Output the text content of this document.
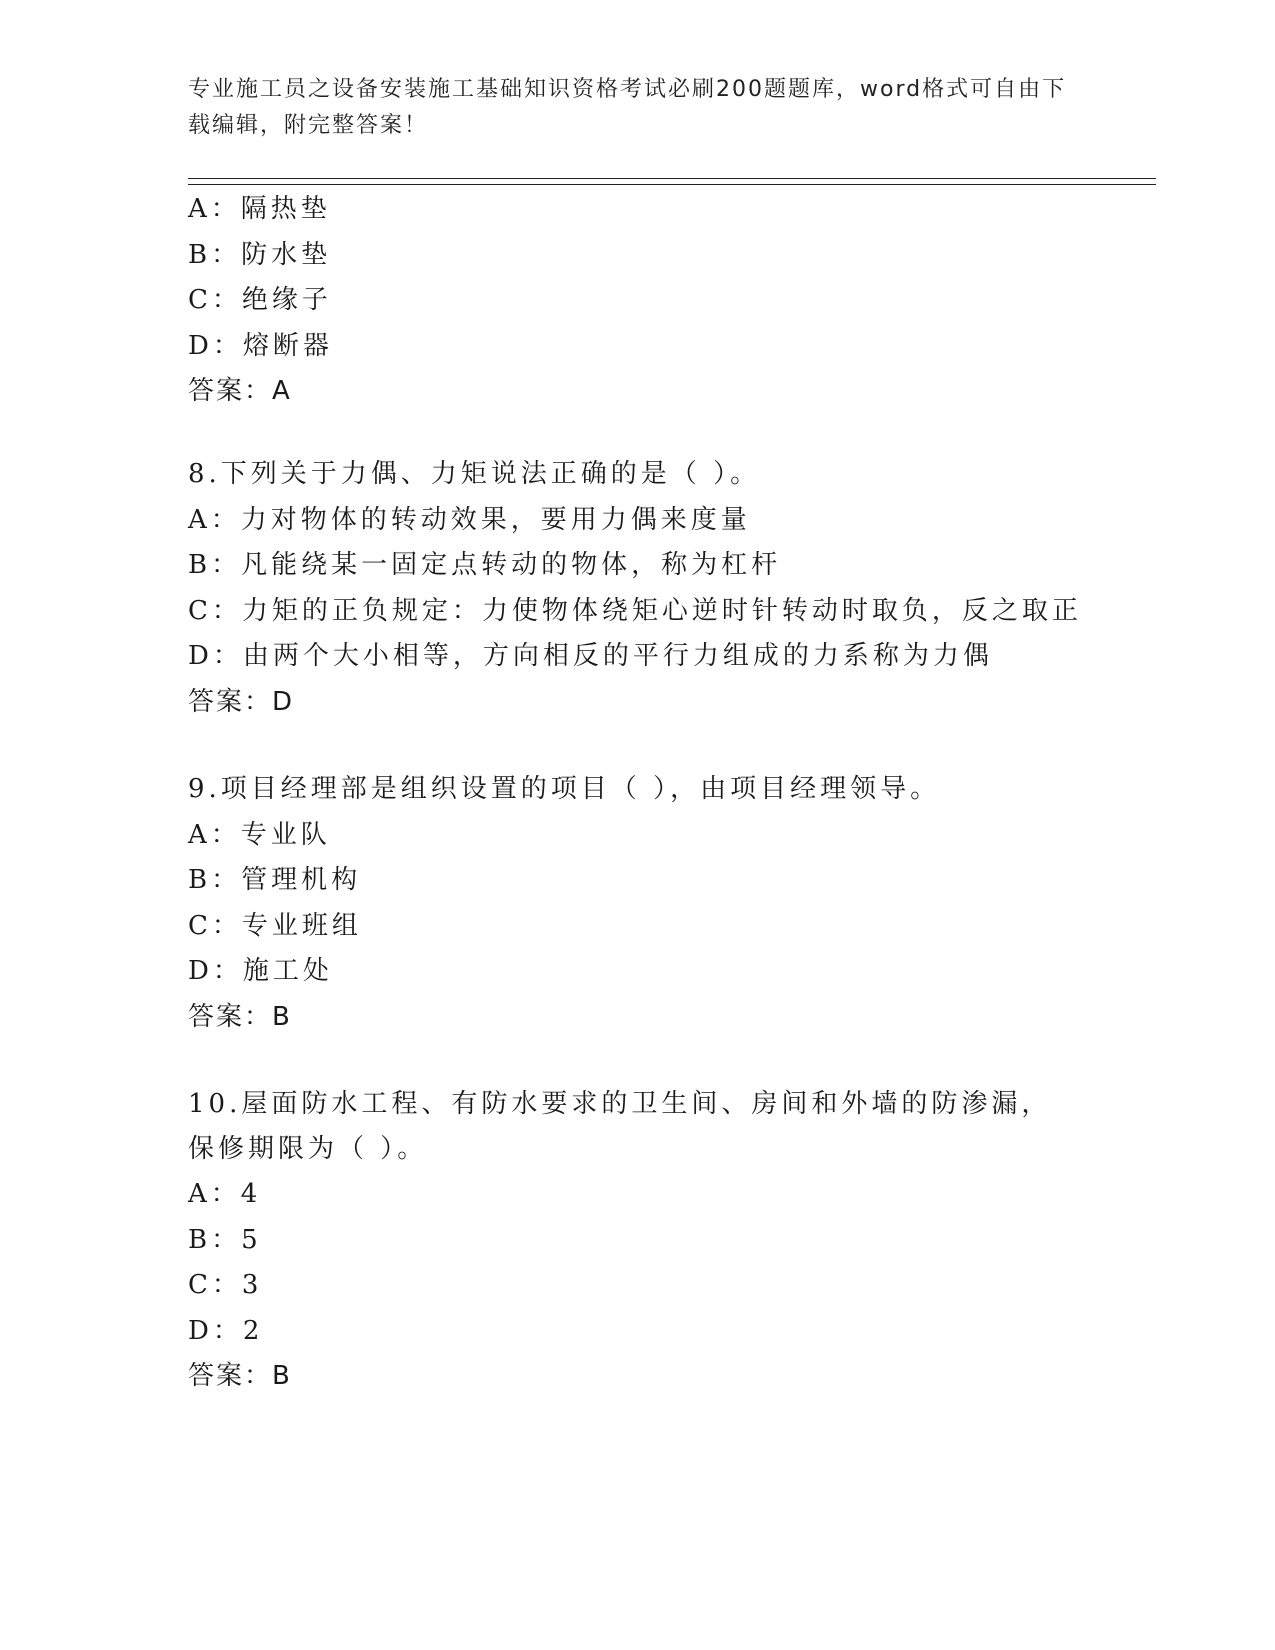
专业施工员之设备安装施工基础知识资格考试必刷200题题库，word格式可自由下载编辑，附完整答案！
A：隔热垫
B：防水垫
C：绝缘子
D：熔断器
答案：A
8.下列关于力偶、力矩说法正确的是（ ）。
A：力对物体的转动效果，要用力偶来度量
B：凡能绕某一固定点转动的物体，称为杠杆
C：力矩的正负规定：力使物体绕矩心逆时针转动时取负，反之取正
D：由两个大小相等，方向相反的平行力组成的力系称为力偶
答案：D
9.项目经理部是组织设置的项目（ ），由项目经理领导。
A：专业队
B：管理机构
C：专业班组
D：施工处
答案：B
10.屋面防水工程、有防水要求的卫生间、房间和外墙的防渗漏，保修期限为（ ）。
A：4
B：5
C：3
D：2
答案：B
